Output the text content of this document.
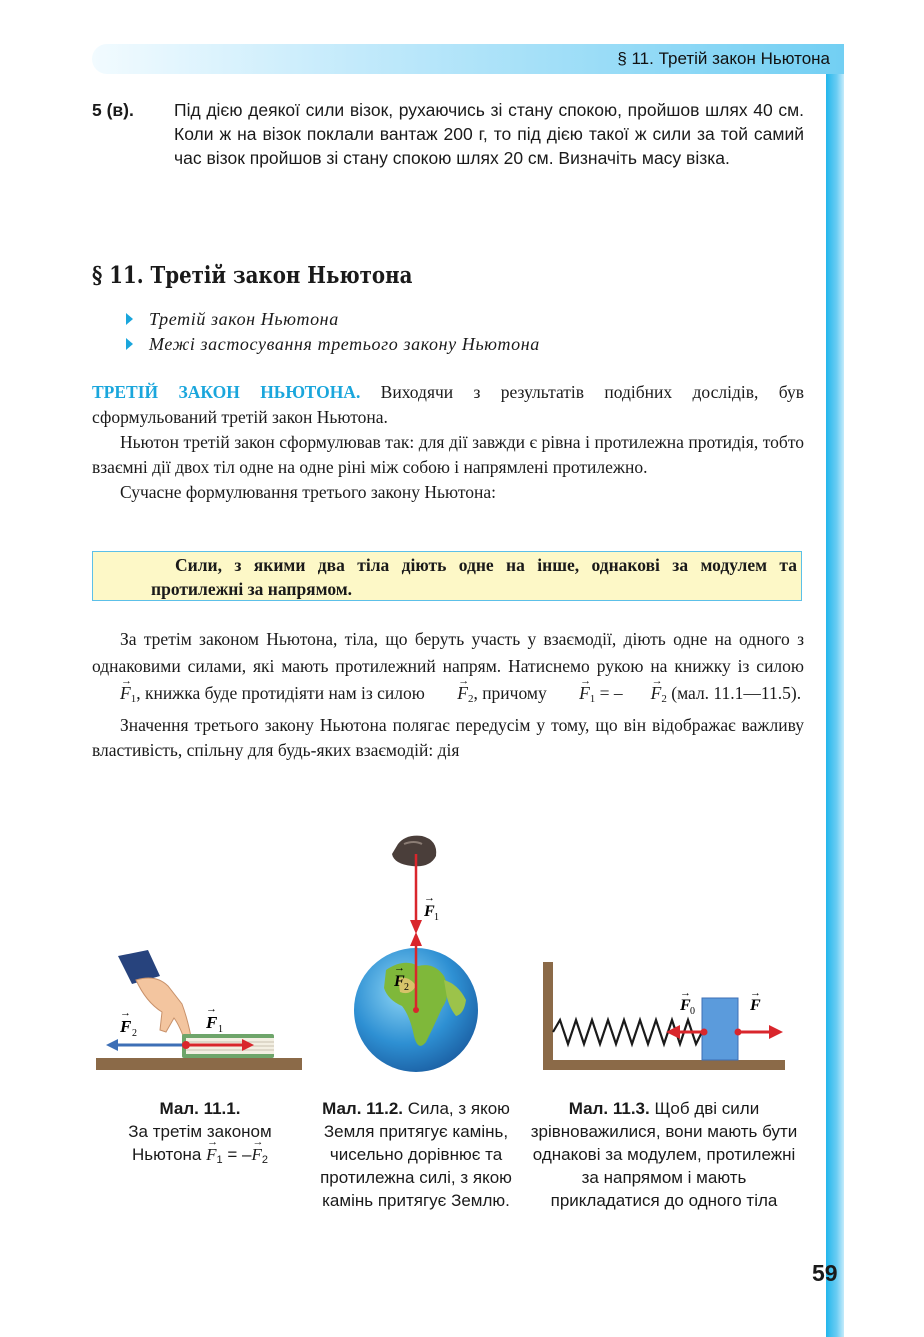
§ 11. Третій закон Ньютона
5 (в). Під дією деякої сили візок, рухаючись зі стану спокою, пройшов шлях 40 см. Коли ж на візок поклали вантаж 200 г, то під дією такої ж сили за той самий час візок пройшов зі стану спокою шлях 20 см. Визначіть масу візка.
§ 11. Третій закон Ньютона
Третій закон Ньютона
Межі застосування третього закону Ньютона

ТРЕТІЙ ЗАКОН НЬЮТОНА. Виходячи з результатів подібних дослідів, був сформульований третій закон Ньютона.

Ньютон третій закон сформулював так: для дії завжди є рівна і протилежна протидія, тобто взаємні дії двох тіл одне на одне ріні між собою і напрямлені протилежно.

Сучасне формулювання третього закону Ньютона:

Сили, з якими два тіла діють одне на інше, однакові за модулем та протилежні за напрямом.

За третім законом Ньютона, тіла, що беруть участь у взаємодії, діють одне на одного з однаковими силами, які мають протилежний напрям. Натиснемо рукою на книжку із силою → $F_1$, книжка буде протидіяти нам із силою → $F_2$, причому → $F_1$ = – → $F_2$ (мал. 11.1—11.5).

Значення третього закону Ньютона полягає передусім у тому, що він відображає важливу властивість, спільну для будь-яких взаємодій: дія

F 1
→
F 2
→
F 1
→
F 2
→
F 0
→
F
→
Мал. 11.1.
За третім законом Ньютона → $F_1$ = –→ $F_2$
Мал. 11.2. Сила, з якою Земля притягує камінь, чисельно дорівнює та протилежна силі, з якою камінь притягує Землю.
Мал. 11.3. Щоб дві сили зрівноважилися, вони мають бути однакові за модулем, протилежні за напрямом і мають прикладатися до одного тіла
59
